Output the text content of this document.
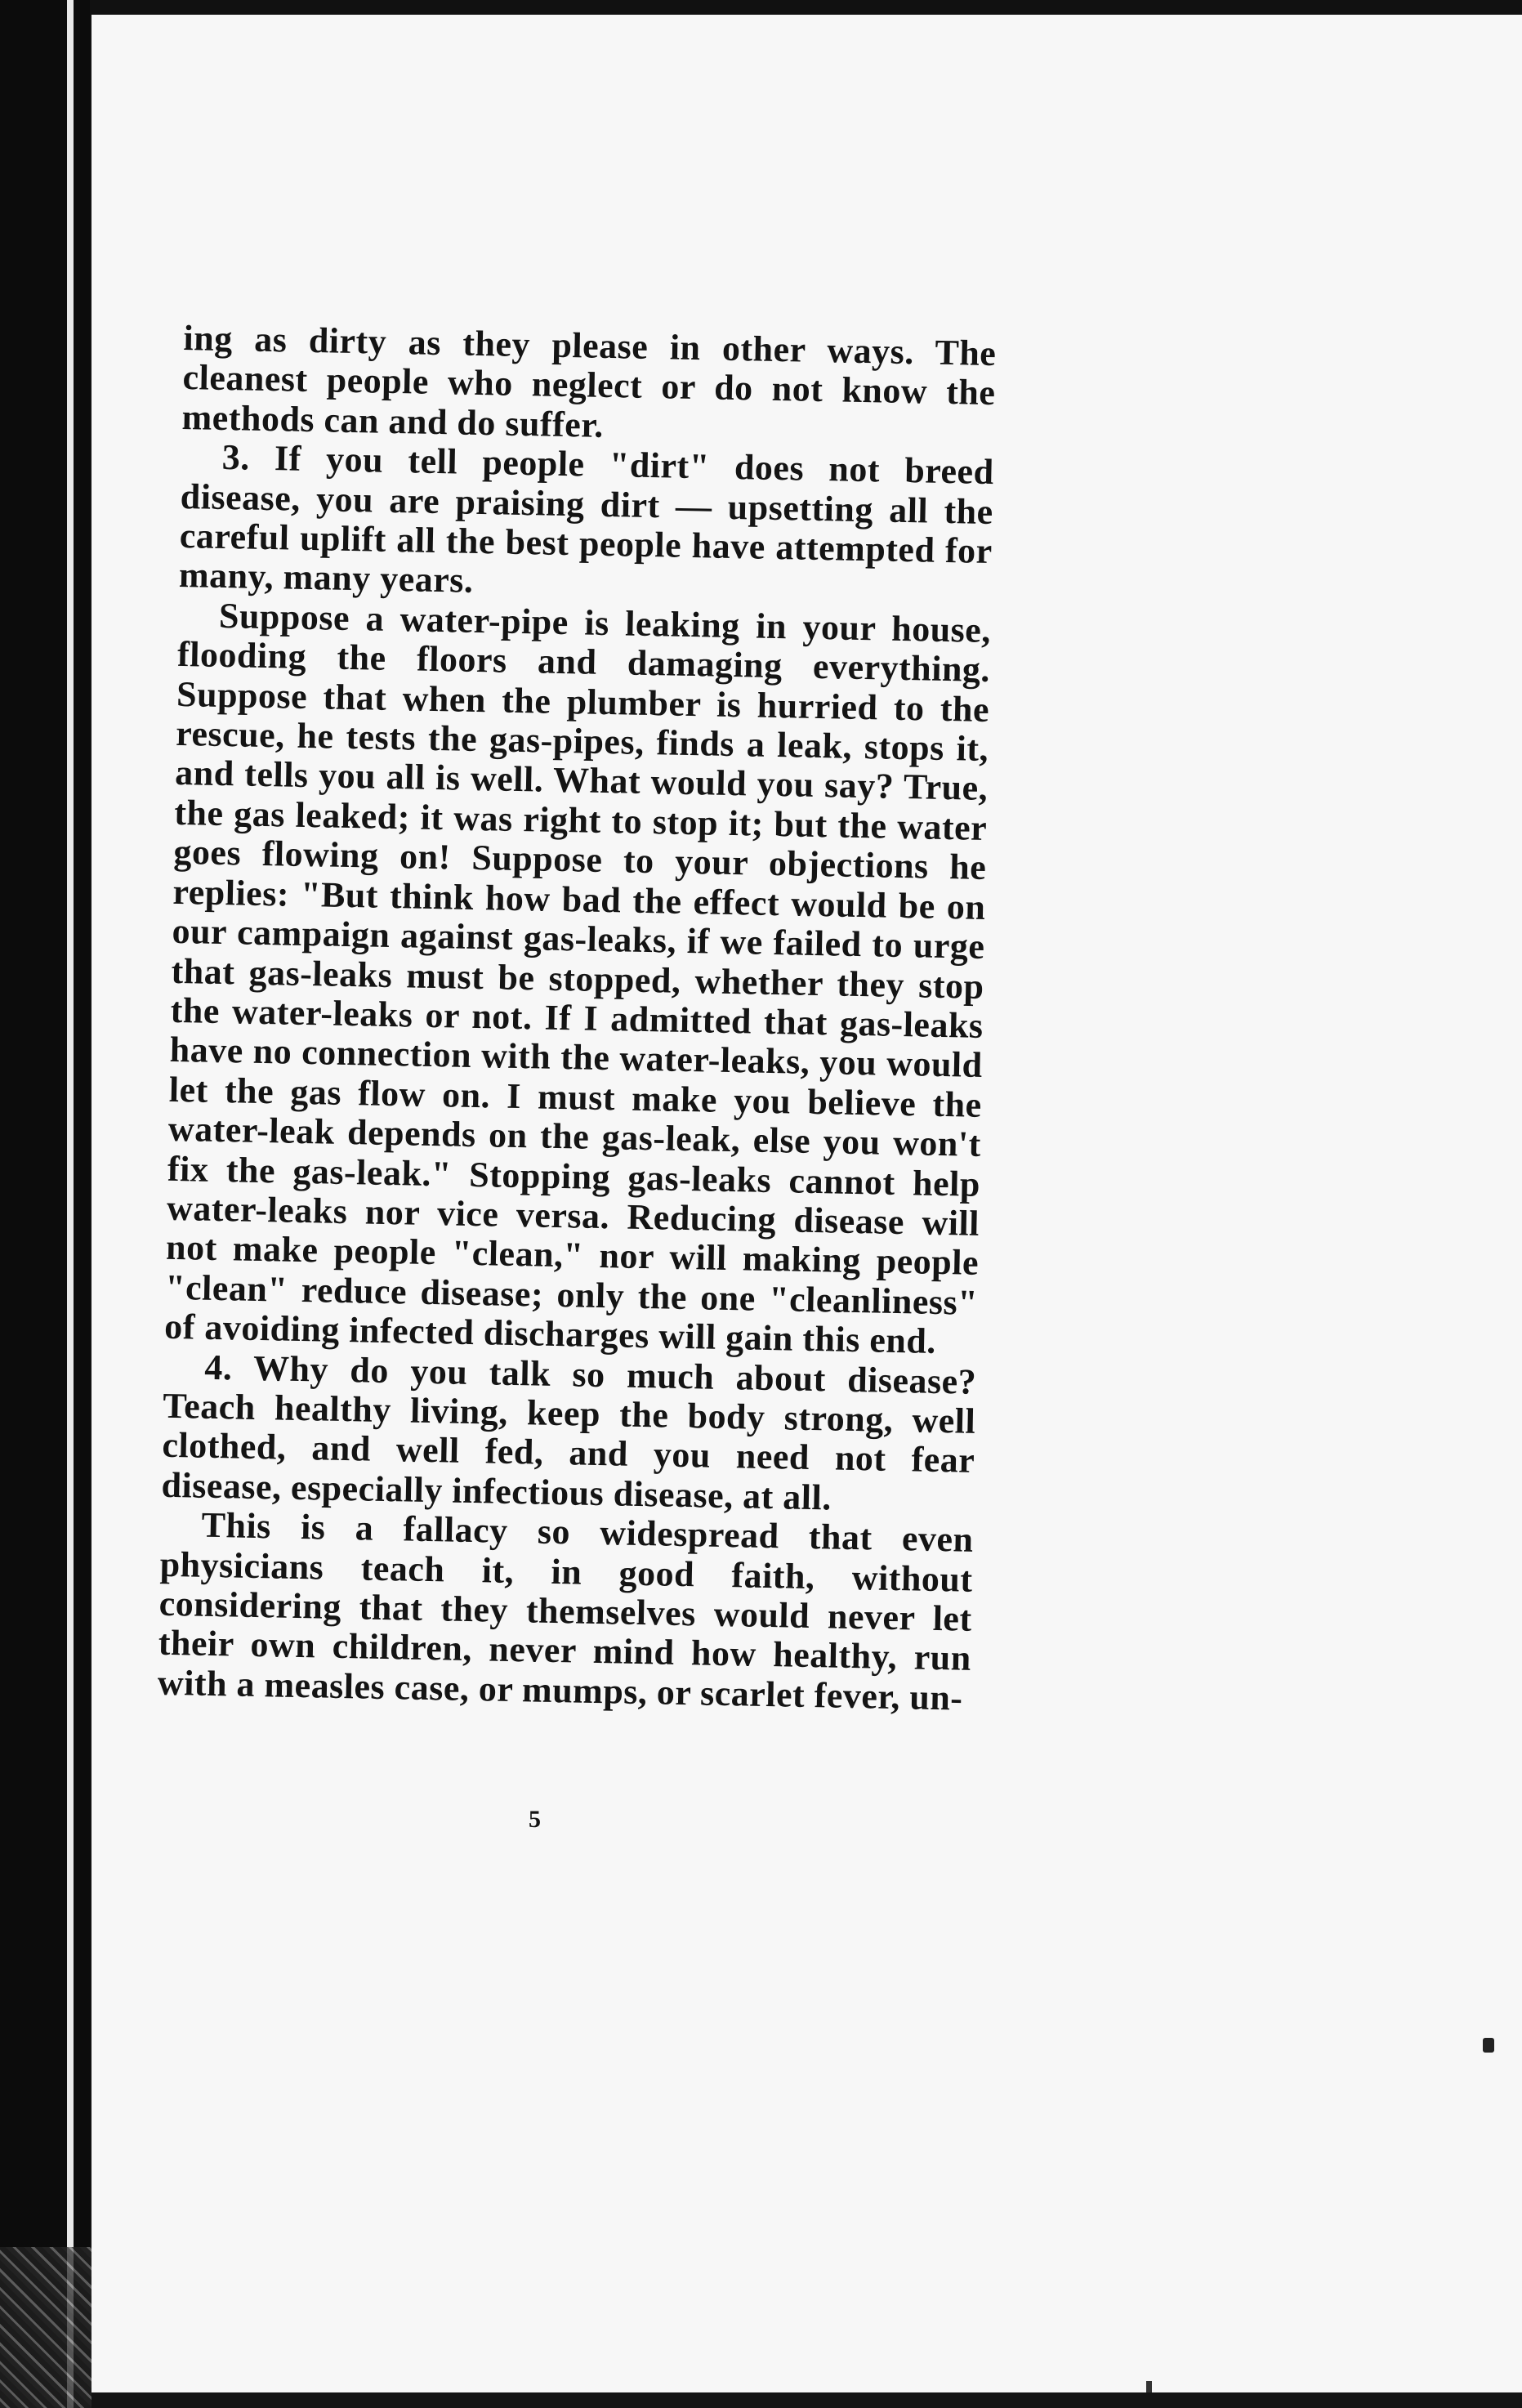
ing as dirty as they please in other ways. The cleanest people who neglect or do not know the methods can and do suffer.

3. If you tell people "dirt" does not breed disease, you are praising dirt — upsetting all the careful uplift all the best people have attempted for many, many years.

Suppose a water-pipe is leaking in your house, flooding the floors and damaging everything. Suppose that when the plumber is hurried to the rescue, he tests the gas-pipes, finds a leak, stops it, and tells you all is well. What would you say? True, the gas leaked; it was right to stop it; but the water goes flowing on! Suppose to your objections he replies: "But think how bad the effect would be on our campaign against gas-leaks, if we failed to urge that gas-leaks must be stopped, whether they stop the water-leaks or not. If I admitted that gas-leaks have no connection with the water-leaks, you would let the gas flow on. I must make you believe the water-leak depends on the gas-leak, else you won't fix the gas-leak." Stopping gas-leaks cannot help water-leaks nor vice versa. Reducing disease will not make people "clean," nor will making people "clean" reduce disease; only the one "cleanliness" of avoiding infected discharges will gain this end.

4. Why do you talk so much about disease? Teach healthy living, keep the body strong, well clothed, and well fed, and you need not fear disease, especially infectious disease, at all.

This is a fallacy so widespread that even physicians teach it, in good faith, without considering that they themselves would never let their own children, never mind how healthy, run with a measles case, or mumps, or scarlet fever, un-

5
